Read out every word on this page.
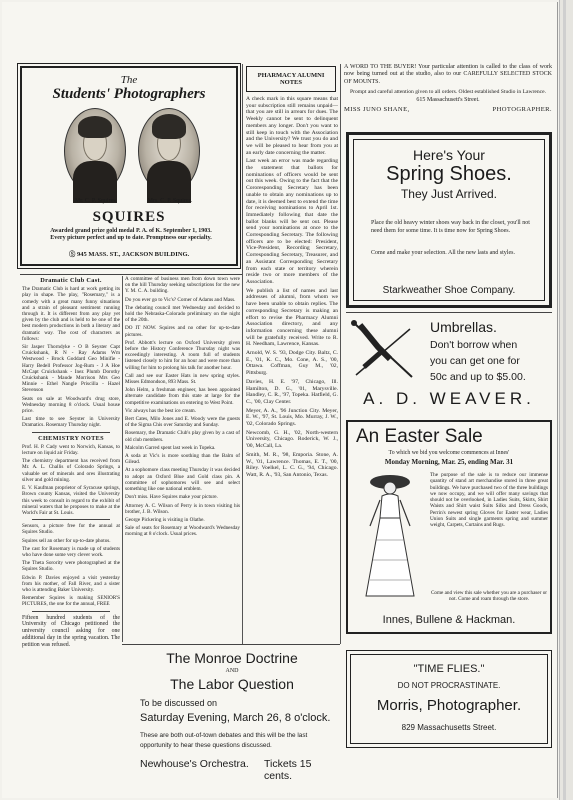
The
Students' Photographers
Mr. C. P. Squires.	Mrs. C. P. Squires.
SQUIRES
Awarded grand prize gold medal P. A. of K. September 1, 1903. Every picture perfect and up to date. Promptness our specialty.
Ⓢ 945 MASS. ST., JACKSON BUILDING.
Dramatic Club Cast.

The Dramatic Club is hard at work getting its play in shape. The play, "Rosemary," is a comedy with a great many funny situations and a strain of pleasant sentiment running through it. It is different from any play yet given by the club and is held to be one of the best modern productions in both a literary and dramatic way. The cost of characters as follows:

Sir Jasper Thorndyke - O B Seyster Capt Cruickshank, R N - Ray Adams Wm Westwood - Brock Goddard Geo Minifie - Harry Bedell Professor Jog-Rum - J A Hoe McCapt Cruickshank - Inez Plumb Dorothy Cruickshank - Maude Morrison Mrs Geo Minnie - Ethel Nangle Priscilla - Hazel Stevenson

Seats on sale at Woodward's drug store, Wednesday morning 8 o'clock. Usual house price.

Last time to see Seyster in University Dramatics. Rosemary Thursday night.

CHEMISTRY NOTES

Prof. H. P. Cady went to Norwich, Kansas, to lecture on liquid air Friday.

The chemistry department has received from Mr. A. L. Challis of Colorado Springs, a valuable set of minerals and ores illustrating silver and gold mining.

E. V. Kaufman proprietor of Syracuse springs, Brown county Kansas, visited the University this week to consult in regard to the exhibit of mineral waters that he proposes to make at the World's Fair at St. Louis.

Sensors, a picture free for the annual at Squires Studio.

Squires sell an other for up-to-date photos.

The cast for Rosemary is made up of students who have done some very clever work.

The Theta Sorority were photographed at the Squires Studio.

Edwin P. Davies enjoyed a visit yesterday from his mother, of Fall River, and a sister who is attending Baker University.

Remember Squires is making SENIOR'S PICTURES, the one for the annual, FREE

Fifteen hundred students of the University of Chicago petitioned the university council asking for one additional day in the spring vacation. The petition was refused.

A committee of business men from down town were on the hill Thursday seeking subscriptions for the new Y. M. C. A. building.

Do you ever go to Vic's? Corner of Adams and Mass.

The debating council met Wednesday and decided to hold the Nebraska-Colorado preliminary on the night of the 20th.

DO IT NOW. Squires and no other for up-to-date pictures.

Prof. Abbott's lecture on Oxford University given before the History Conference Thursday night was exceedingly interesting. A room full of students listened closely to him for an hour and were more than willing for him to prolong his talk for another hour.

Call and see our Easter Hats in new spring styles. Misses Edmondson, 893 Mass. St.

John Helm, a freshman engineer, has been appointed alternate candidate from this state at large for the competitive examinations on entering to West Point.

Vic always has the best ice cream.

Bert Cates, Milo Jones and E. Woody were the guests of the Sigma Chis over Saturday and Sunday.

Rosemary, the Dramatic Club's play given by a cast of old club members.

Malcolm Garred spent last week in Topeka.

A soda at Vic's is more soothing than the Balm of Gilead.

At a sophomore class meeting Thursday it was decided to adopt an Oxford Blue and Gold class pin. A committee of sophomores will see and select something like one national emblem.

Don't miss. Have Squires make your picture.

Attorney A. C. Wilson of Perry is in town visiting his brother, J. B. Wilson.

George Pickering is visiting in Olathe.

Sale of seats for Rosemary at Woodward's Wednesday morning at 8 o'clock. Usual prices.

PHARMACY ALUMNI
NOTES

A check mark in this square means that your subscription still remains unpaid—that you are still in arrears for dues. The Weekly cannot be sent to delinquent members any longer. Don't you want to still keep in touch with the Association and the University? We trust you do and we will be pleased to hear from you at an early date concerning the matter.

Last week an error was made regarding the statement that ballots for nominations of officers would be sent out this week. Owing to the fact that the Cororesponding Secretary has been unable to obtain any nominations up to date, it is deemed best to extend the time for receiving nominations to April 1st. Immediately following that date the ballot blanks will be sent out. Please send your nominations at once to the Corresponding Secretary. The following officers are to be elected: President, Vice-President, Recording Secretary, Corresponding Secretary, Treasurer, and an Assistant Corresponding Secretary from each state or territory wherein reside two or more members of the Association.

We publish a list of names and last addresses of alumni, from whom we have been unable to obtain replies. The corresponding Secretary is making an effort to revise the Pharmacy Alumni Association directory, and any information concerning these alumni will be gratefully received. Write to R. H. Needham, Lawrence, Kansas.

Arnold, W. S. '93, Dodge City. Baltz, C. E., '01, K. C., Mo. Cone, A. S., '00, Ottawa. Coffman, Guy M., '02, Pittsburg.

Davies, H. E. '97, Chicago, Ill. Hamilton, D. G., '01, Marysville. Handley, C. R., '97, Topeka. Hatfield, G. C., '00, Clay Center.

Meyer, A. A., '96 Junction City. Meyer, E. W., '97, St. Louis, Mo. Murray, J. W., '02, Colorado Springs.

Newcomb, G. H., '02, North-western University, Chicago. Roderick, W. J., '00, McCall, La.

Smith, M. R., '98, Emporia. Stone, A. W., '01, Lawrence. Thomas, E. T., '00, Riley. Voelkel, L. C. G., '94, Chicago. Watt, R. A., '93, San Antonio, Texas.

A WORD TO THE BUYER! Your particular attention is called to the class of work now being turned out at the studio, also to our CAREFULLY SELECTED STOCK OF MOUNTS.
Prompt and careful attention given to all orders. Oldest established Studio in Lawrence.
615 Massachusett's Street.
MISS JUNO SHANE,	PHOTOGRAPHER.
Here's Your
Spring Shoes.
They Just Arrived.
Place the old heavy winter shoes way back in the closet, you'll not need them for some time. It is time now for Spring Shoes.
Come and make your selection. All the new lasts and styles.
Starkweather Shoe Company.
Umbrellas.
Don't borrow when
you can get one for
50c and up to $5.00.
A. D. WEAVER.
An Easter Sale
To which we bid you welcome commences at Innes'
Monday Morning, Mar. 25, ending Mar. 31
The purpose of the sale is to reduce our immense quantity of stand art merchandise stored in three great buildings. We have purchased two of the three buildings we now occupy, and we will offer many savings that should not be overlooked, in Ladies Suits, Skirts, Shirt Waists and Shirt waist Suits Silks and Dress Goods, Perrin's newest spring Gloves for Easter wear, Ladies Union Suits and single garments spring and summer weight, Carpets, Curtains and Rugs.
Come and view this sale whether you are a purchaser or not. Come and roam through the store.
Innes, Bullene & Hackman.
The Monroe Doctrine
AND
The Labor Question
To be discussed on
Saturday Evening, March 26, 8 o'clock.
These are both out-of-town debates and this will be the last
opportunity to hear these questions discussed.
Newhouse's Orchestra. Tickets 15 cents.
"TIME FLIES."
DO NOT PROCRASTINATE.
Morris, Photographer.
829 Massachusetts Street.
